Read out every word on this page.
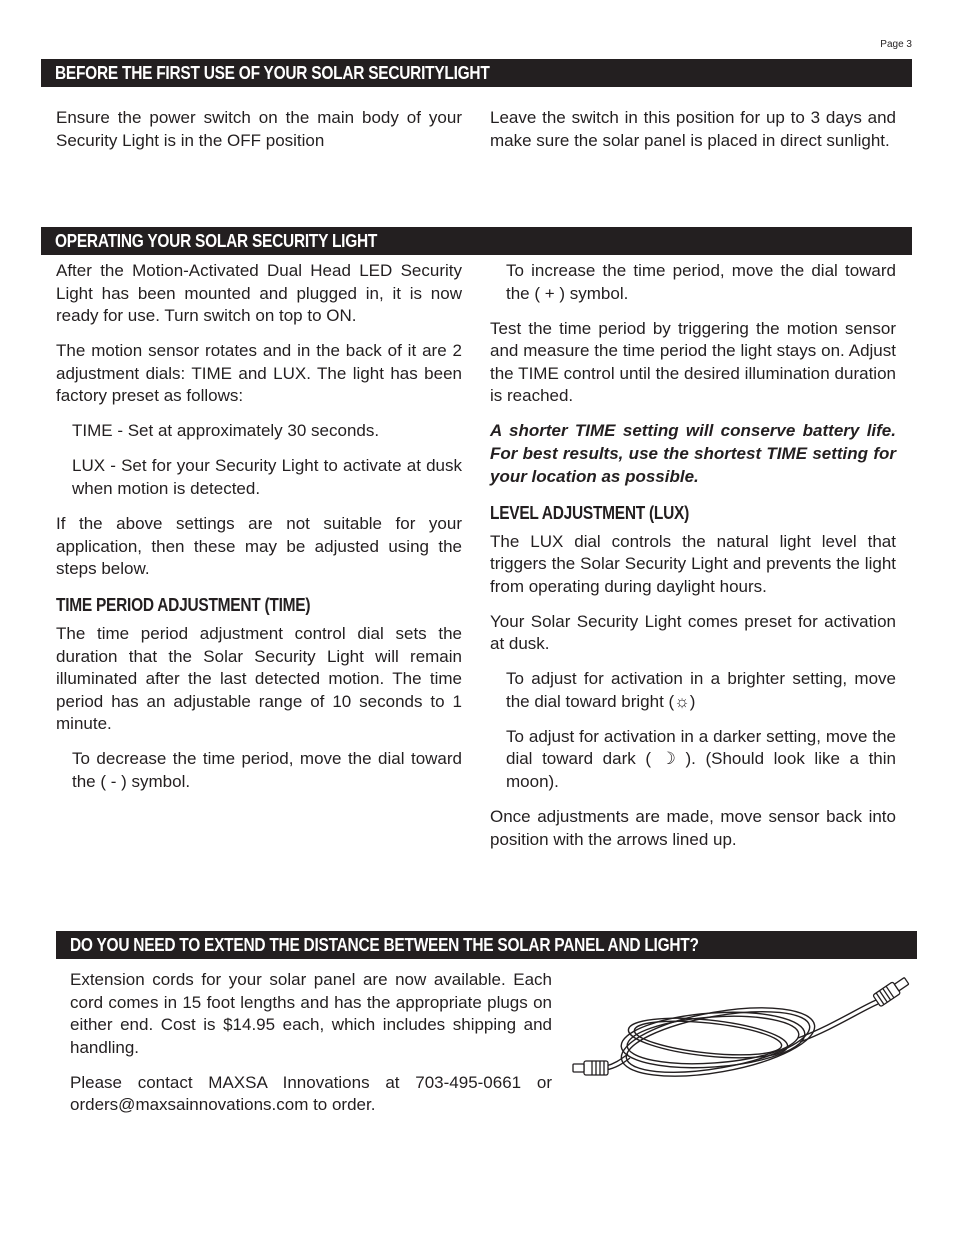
Page 3
BEFORE THE FIRST USE OF YOUR SOLAR SECURITYLIGHT

Ensure the power switch on the main body of your Security Light is in the OFF position

Leave the switch in this position for up to 3 days and make sure the solar panel is placed in direct sunlight.

OPERATING YOUR SOLAR SECURITY LIGHT

After the Motion-Activated Dual Head LED Security Light has been mounted and plugged in, it is now ready for use. Turn switch on top to ON.

The motion sensor rotates and in the back of it are 2 adjustment dials: TIME and LUX. The light has been factory preset as follows:

TIME - Set at approximately 30 seconds.

LUX - Set for your Security Light to activate at dusk when motion is detected.

If the above settings are not suitable for your application, then these may be adjusted using the steps below.

TIME PERIOD ADJUSTMENT (TIME)

The time period adjustment control dial sets the duration that the Solar Security Light will remain illuminated after the last detected motion. The time period has an adjustable range of 10 seconds to 1 minute.

To decrease the time period, move the dial toward the ( - ) symbol.

To increase the time period, move the dial toward the ( + ) symbol.

Test the time period by triggering the motion sensor and measure the time period the light stays on. Adjust the TIME control until the desired illumination duration is reached.

A shorter TIME setting will conserve battery life. For best results, use the shortest TIME setting for your location as possible.

LEVEL ADJUSTMENT (LUX)

The LUX dial controls the natural light level that triggers the Solar Security Light and prevents the light from operating during daylight hours.

Your Solar Security Light comes preset for activation at dusk.

To adjust for activation in a brighter setting, move the dial toward bright (☼)

To adjust for activation in a darker setting, move the dial toward dark ( ☽ ). (Should look like a thin moon).

Once adjustments are made, move sensor back into position with the arrows lined up.

DO YOU NEED TO EXTEND THE DISTANCE BETWEEN THE SOLAR PANEL AND LIGHT?

Extension cords for your solar panel are now available. Each cord comes in 15 foot lengths and has the appropriate plugs on either end. Cost is $14.95 each, which includes shipping and handling.

Please contact MAXSA Innovations at 703-495-0661 or orders@maxsainnovations.com to order.
